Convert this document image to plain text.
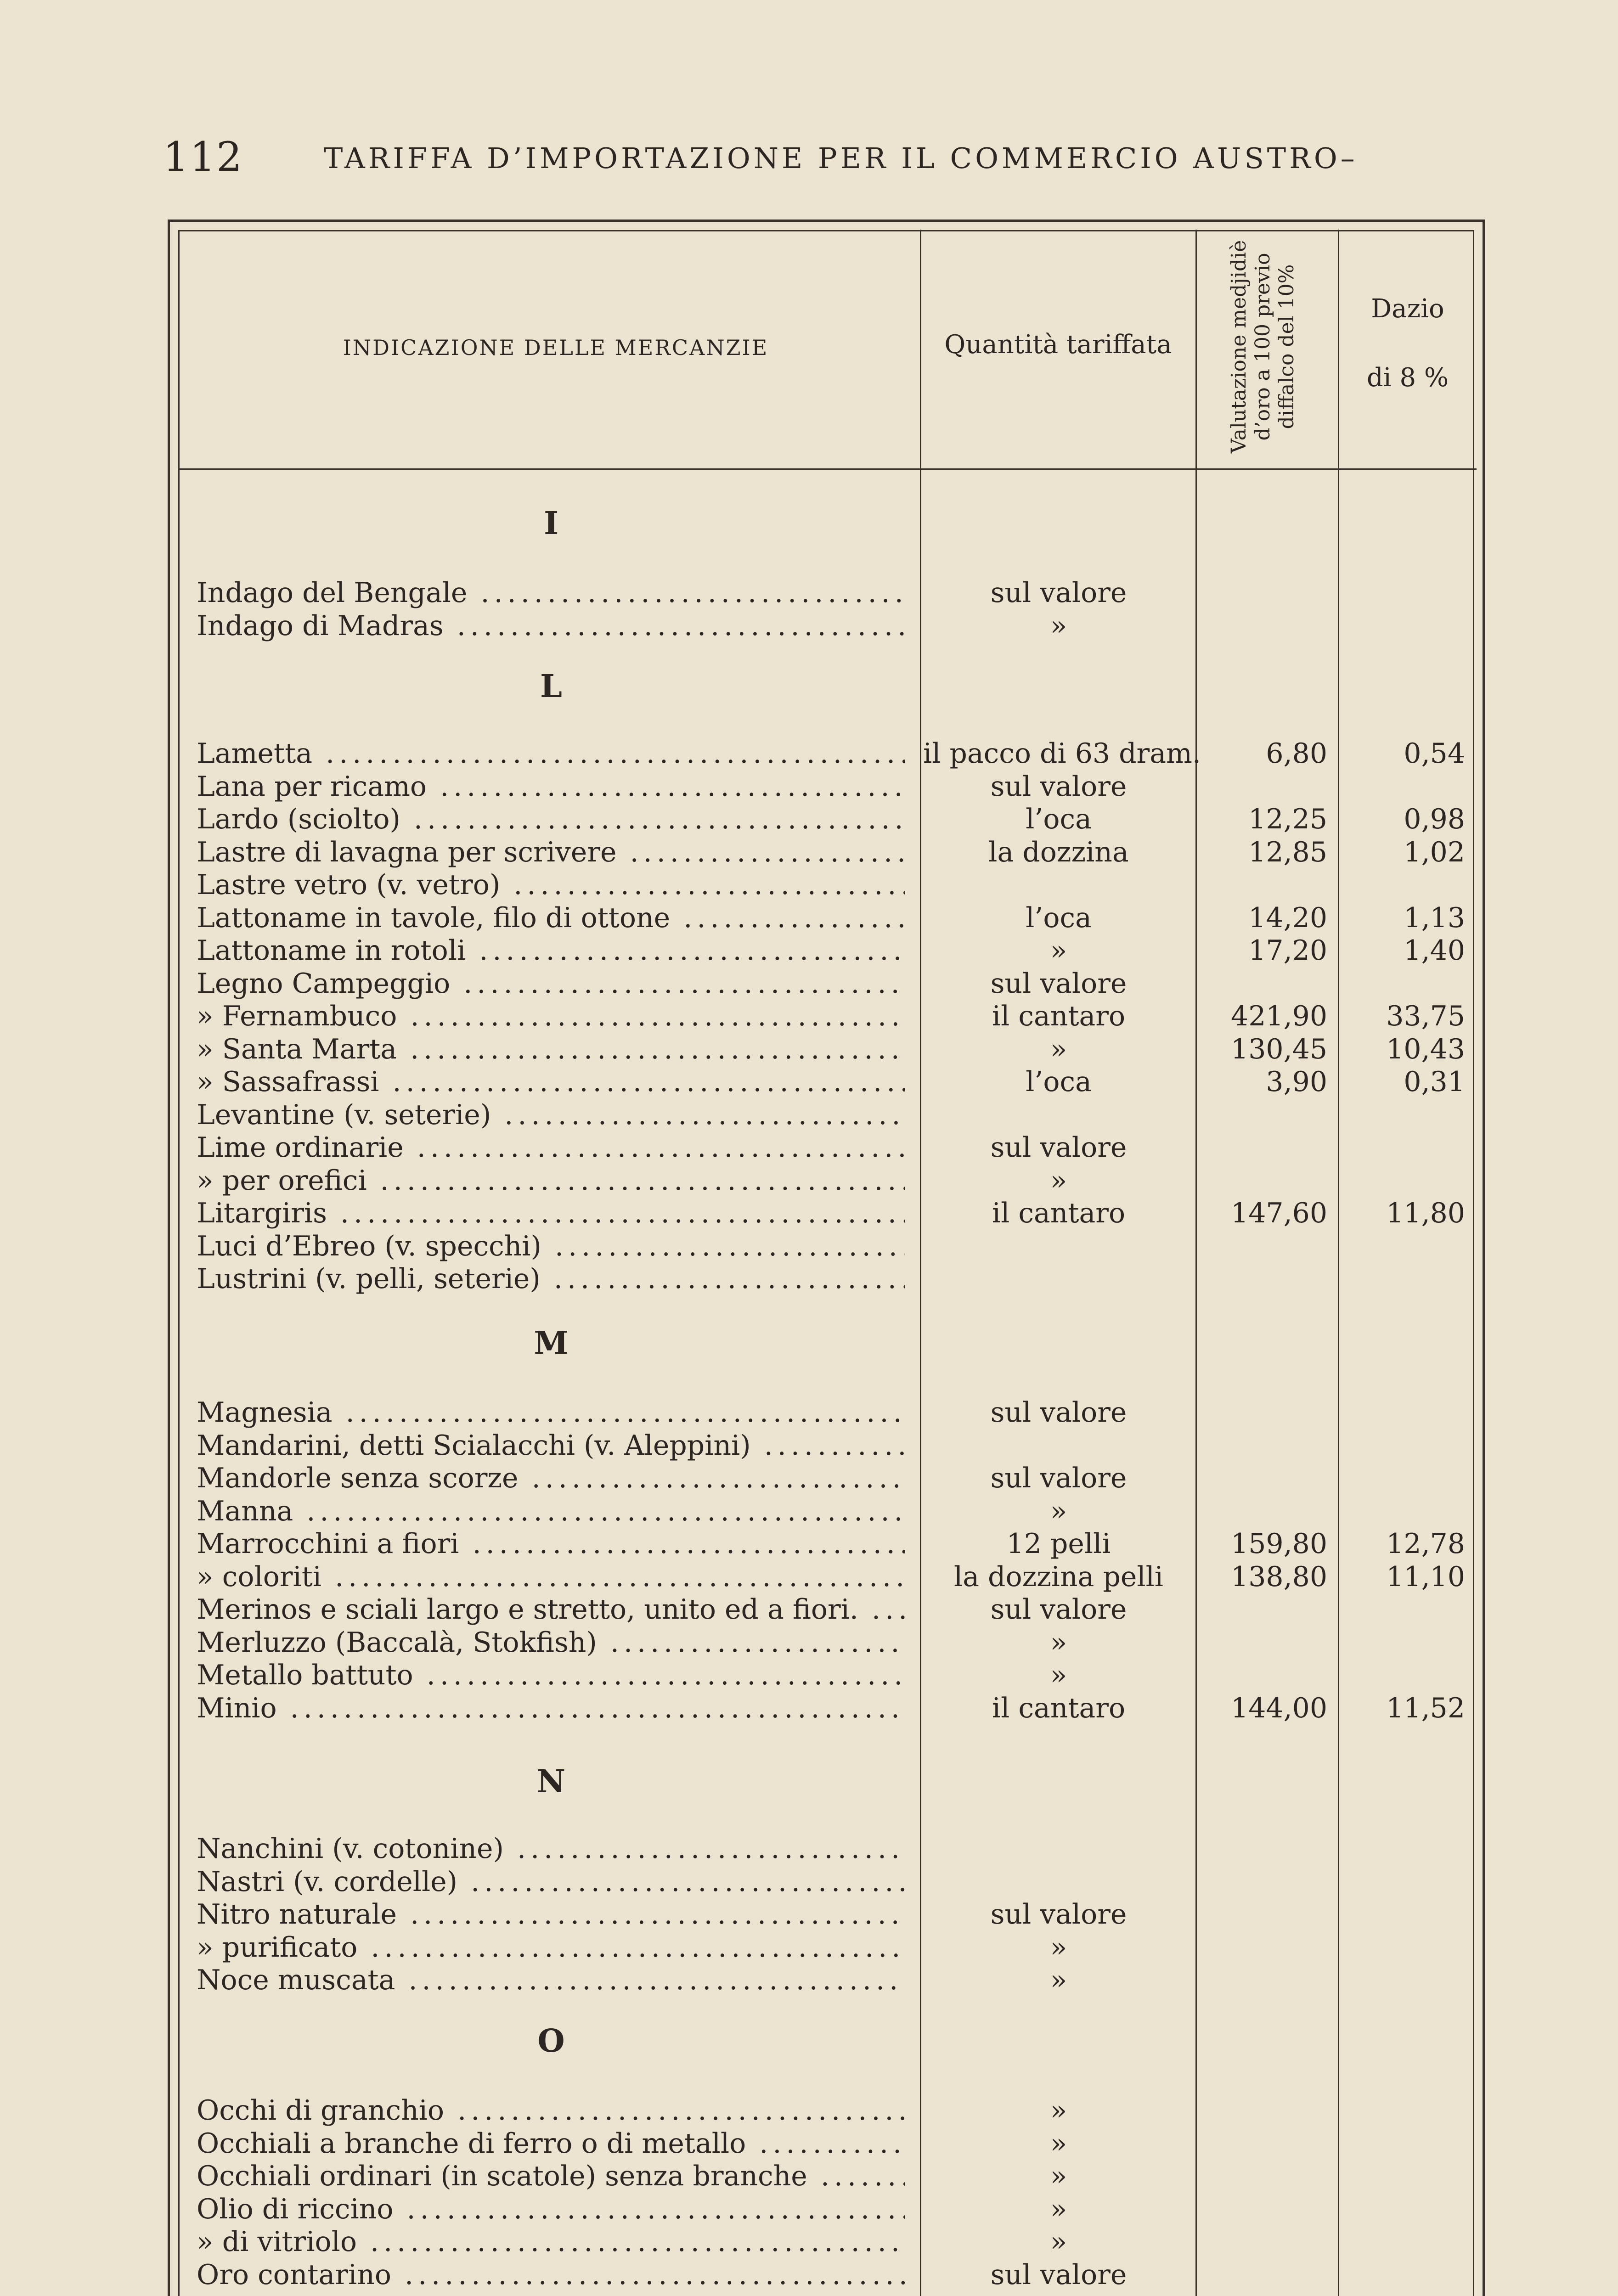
112	TARIFFA D’IMPORTAZIONE PER IL COMMERCIO AUSTRO–
INDICAZIONE DELLE MERCANZIE	Quantità tariffata	Valutazione medjidiè d’oro a 100 previo diffalco del 10%	Dazio
di 8 %
I
Indago del Bengale .....	sul valore
Indago di Madras .....	»
L
Lametta .....	il pacco di 63 dram.	6,80	0,54
Lana per ricamo .....	sul valore
Lardo (sciolto) .....	l’oca	12,25	0,98
Lastre di lavagna per scrivere .....	la dozzina	12,85	1,02
Lastre vetro (v. vetro) .....
Lattoname in tavole, filo di ottone .....	l’oca	14,20	1,13
Lattoname in rotoli .....	»	17,20	1,40
Legno Campeggio .....	sul valore
» Fernambuco .....	il cantaro	421,90	33,75
» Santa Marta .....	»	130,45	10,43
» Sassafrassi .....	l’oca	3,90	0,31
Levantine (v. seterie) .....
Lime ordinarie .....	sul valore
» per orefici .....	»
Litargiris .....	il cantaro	147,60	11,80
Luci d’Ebreo (v. specchi) .....
Lustrini (v. pelli, seterie) .....
M
Magnesia .....	sul valore
Mandarini, detti Scialacchi (v. Aleppini) .....
Mandorle senza scorze .....	sul valore
Manna .....	»
Marrocchini a fiori .....	12 pelli	159,80	12,78
» coloriti .....	la dozzina pelli	138,80	11,10
Merinos e sciali largo e stretto, unito ed a fiori. .....	sul valore
Merluzzo (Baccalà, Stokfish) .....	»
Metallo battuto .....	»
Minio .....	il cantaro	144,00	11,52
N
Nanchini (v. cotonine) .....
Nastri (v. cordelle) .....
Nitro naturale .....	sul valore
» purificato .....	»
Noce muscata .....	»
O
Occhi di granchio .....	»
Occhiali a branche di ferro o di metallo .....	»
Occhiali ordinari (in scatole) senza branche .....	»
Olio di riccino .....	»
» di vitriolo .....	»
Oro contarino .....	sul valore
